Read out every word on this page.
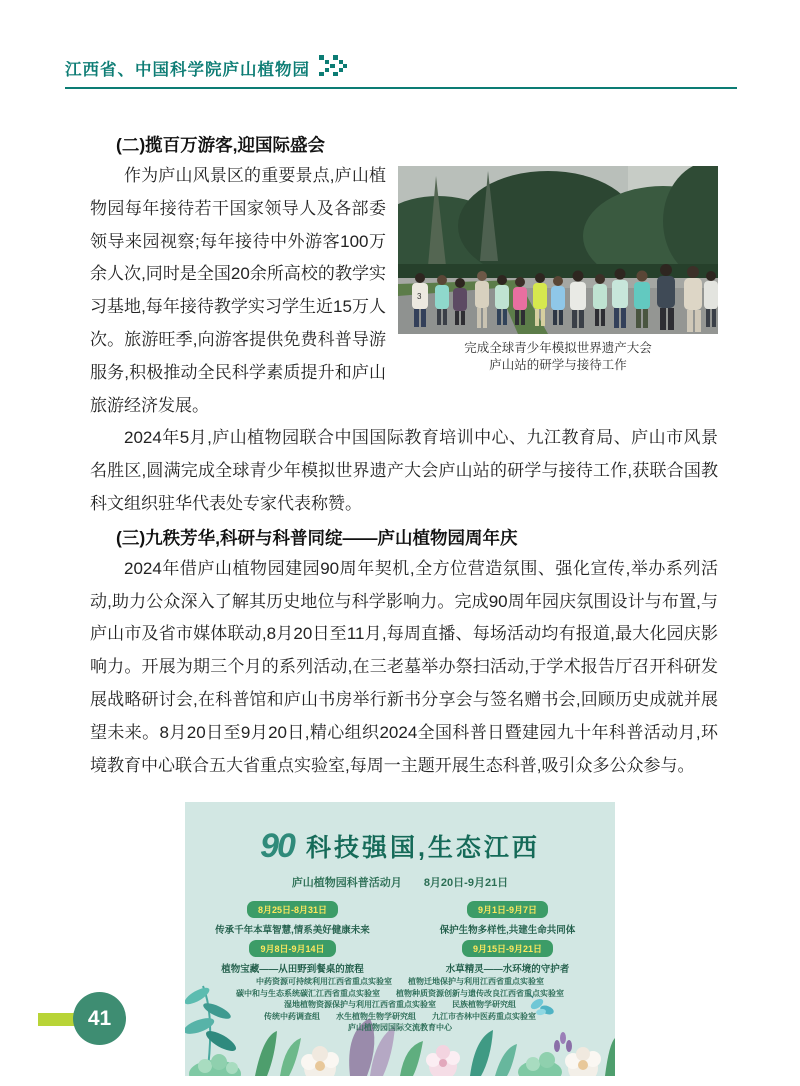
江西省、中国科学院庐山植物园
(二)揽百万游客,迎国际盛会
3
完成全球青少年模拟世界遗产大会
庐山站的研学与接待工作

作为庐山风景区的重要景点,庐山植物园每年接待若干国家领导人及各部委领导来园视察;每年接待中外游客100万余人次,同时是全国20余所高校的教学实习基地,每年接待教学实习学生近15万人次。旅游旺季,向游客提供免费科普导游服务,积极推动全民科学素质提升和庐山旅游经济发展。

2024年5月,庐山植物园联合中国国际教育培训中心、九江教育局、庐山市风景名胜区,圆满完成全球青少年模拟世界遗产大会庐山站的研学与接待工作,获联合国教科文组织驻华代表处专家代表称赞。

(三)九秩芳华,科研与科普同绽——庐山植物园周年庆

2024年借庐山植物园建园90周年契机,全方位营造氛围、强化宣传,举办系列活动,助力公众深入了解其历史地位与科学影响力。完成90周年园庆氛围设计与布置,与庐山市及省市媒体联动,8月20日至11月,每周直播、每场活动均有报道,最大化园庆影响力。开展为期三个月的系列活动,在三老墓举办祭扫活动,于学术报告厅召开科研发展战略研讨会,在科普馆和庐山书房举行新书分享会与签名赠书会,回顾历史成就并展望未来。8月20日至9月20日,精心组织2024全国科普日暨建园九十年科普活动月,环境教育中心联合五大省重点实验室,每周一主题开展生态科普,吸引众多公众参与。

90 科技强国,生态江西
庐山植物园科普活动月 8月20日-9月21日
8月25日-8月31日
传承千年本草智慧,情系美好健康未来
9月1日-9月7日
保护生物多样性,共建生命共同体
9月8日-9月14日
植物宝藏——从田野到餐桌的旅程
9月15日-9月21日
水草精灵——水环境的守护者
中药资源可持续利用江西省重点实验室　　植物迁地保护与利用江西省重点实验室
碳中和与生态系统碳汇江西省重点实验室　　植物种质资源创新与遗传改良江西省重点实验室
湿地植物资源保护与利用江西省重点实验室　　民族植物学研究组
传统中药调查组　　水生植物生物学研究组　　九江市杏林中医药重点实验室
庐山植物园国际交流教育中心
41
